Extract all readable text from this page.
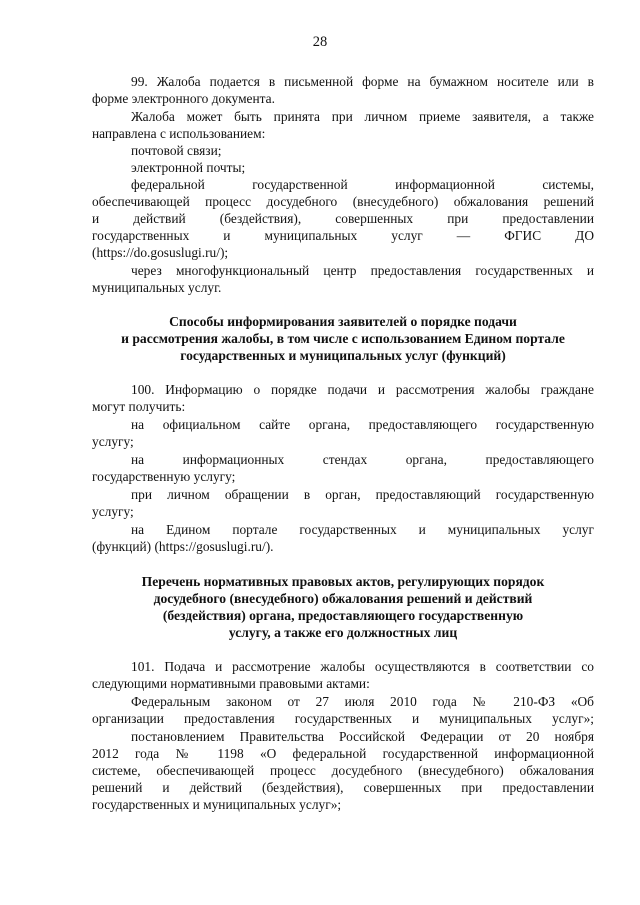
28
99. Жалоба подается в письменной форме на бумажном носителе или в
форме электронного документа.
Жалоба может быть принята при личном приеме заявителя, а также
направлена с использованием:
почтовой связи;
электронной почты;
федеральной государственной информационной системы,
обеспечивающей процесс досудебного (внесудебного) обжалования решений
и действий (бездействия), совершенных при предоставлении
государственных и муниципальных услуг — ФГИС ДО
(https://do.gosuslugi.ru/);
через многофункциональный центр предоставления государственных и
муниципальных услуг.
Способы информирования заявителей о порядке подачи
и рассмотрения жалобы, в том числе с использованием Едином портале
государственных и муниципальных услуг (функций)
100. Информацию о порядке подачи и рассмотрения жалобы граждане
могут получить:
на официальном сайте органа, предоставляющего государственную
услугу;
на информационных стендах органа, предоставляющего
государственную услугу;
при личном обращении в орган, предоставляющий государственную
услугу;
на Едином портале государственных и муниципальных услуг
(функций) (https://gosuslugi.ru/).
Перечень нормативных правовых актов, регулирующих порядок
досудебного (внесудебного) обжалования решений и действий
(бездействия) органа, предоставляющего государственную
услугу, а также его должностных лиц
101. Подача и рассмотрение жалобы осуществляются в соответствии со
следующими нормативными правовыми актами:
Федеральным законом от 27 июля 2010 года № 210-ФЗ «Об
организации предоставления государственных и муниципальных услуг»;
постановлением Правительства Российской Федерации от 20 ноября
2012 года № 1198 «О федеральной государственной информационной
системе, обеспечивающей процесс досудебного (внесудебного) обжалования
решений и действий (бездействия), совершенных при предоставлении
государственных и муниципальных услуг»;
